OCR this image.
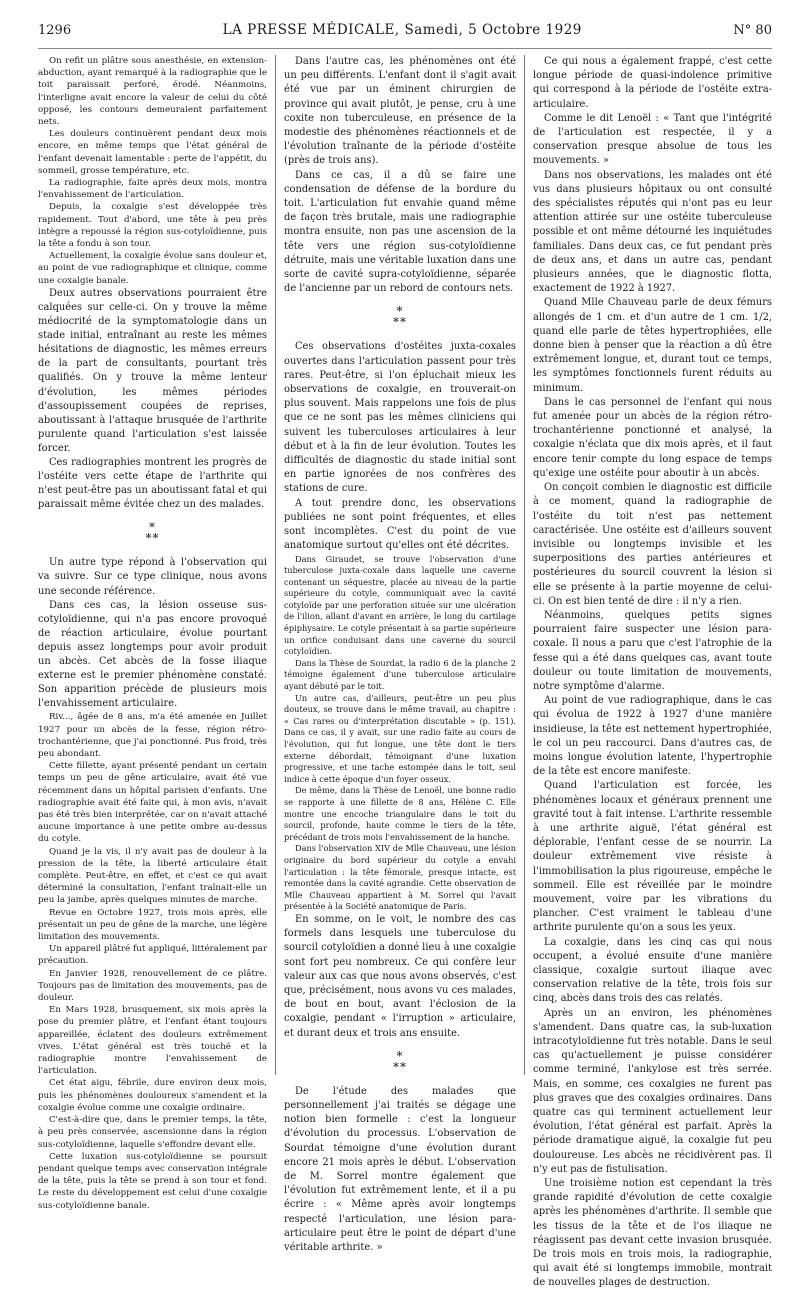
1296	LA PRESSE MÉDICALE, Samedi, 5 Octobre 1929	N° 80

On refit un plâtre sous anesthésie, en extension-abduction, ayant remarqué à la radiographie que le toit paraissait perforé, érodé. Néanmoins, l'interligne avait encore la valeur de celui du côté opposé, les contours demeuraient parfaitement nets.

Les douleurs continuèrent pendant deux mois encore, en même temps que l'état général de l'enfant devenait lamentable : perte de l'appétit, du sommeil, grosse température, etc.

La radiographie, faite après deux mois, montra l'envahissement de l'articulation.

Depuis, la coxalgie s'est développée très rapidement. Tout d'abord, une tête à peu près intègre a repoussé la région sus-cotyloïdienne, puis la tête a fondu à son tour.

Actuellement, la coxalgie évolue sans douleur et, au point de vue radiographique et clinique, comme une coxalgie banale.

Deux autres observations pourraient être calquées sur celle-ci. On y trouve la même médiocrité de la symptomatologie dans un stade initial, entraînant au reste les mêmes hésitations de diagnostic, les mêmes erreurs de la part de consultants, pourtant très qualifiés. On y trouve la même lenteur d'évolution, les mêmes périodes d'assoupissement coupées de reprises, aboutissant à l'attaque brusquée de l'arthrite purulente quand l'articulation s'est laissée forcer.

Ces radiographies montrent les progrès de l'ostéite vers cette étape de l'arthrite qui n'est peut-être pas un aboutissant fatal et qui paraissait même évitée chez un des malades.

*
**

Un autre type répond à l'observation qui va suivre. Sur ce type clinique, nous avons une seconde référence.

Dans ces cas, la lésion osseuse sus-cotyloïdienne, qui n'a pas encore provoqué de réaction articulaire, évolue pourtant depuis assez longtemps pour avoir produit un abcès. Cet abcès de la fosse iliaque externe est le premier phénomène constaté. Son apparition précède de plusieurs mois l'envahissement articulaire.

Riv..., âgée de 8 ans, m'a été amenée en Juillet 1927 pour un abcès de la fesse, région rétro-trochantérienne, que j'ai ponctionné. Pus froid, très peu abondant.

Cette fillette, ayant présenté pendant un certain temps un peu de gêne articulaire, avait été vue récemment dans un hôpital parisien d'enfants. Une radiographie avait été faite qui, à mon avis, n'avait pas été très bien interprétée, car on n'avait attaché aucune importance à une petite ombre au-dessus du cotyle.

Quand je la vis, il n'y avait pas de douleur à la pression de la tête, la liberté articulaire était complète. Peut-être, en effet, et c'est ce qui avait déterminé la consultation, l'enfant traînait-elle un peu la jambe, après quelques minutes de marche.

Revue en Octobre 1927, trois mois après, elle présentait un peu de gêne de la marche, une légère limitation des mouvements.

Un appareil plâtré fut appliqué, littéralement par précaution.

En Janvier 1928, renouvellement de ce plâtre. Toujours pas de limitation des mouvements, pas de douleur.

En Mars 1928, brusquement, six mois après la pose du premier plâtre, et l'enfant étant toujours appareillée, éclatent des douleurs extrêmement vives. L'état général est très touché et la radiographie montre l'envahissement de l'articulation.

Cet état aigu, fébrile, dure environ deux mois, puis les phénomènes douloureux s'amendent et la coxalgie évolue comme une coxalgie ordinaire.

C'est-à-dire que, dans le premier temps, la tête, à peu près conservée, ascensionne dans la région sus-cotyloïdienne, laquelle s'effondre devant elle.

Cette luxation sus-cotyloïdienne se poursuit pendant quelque temps avec conservation intégrale de la tête, puis la tête se prend à son tour et fond. Le reste du développement est celui d'une coxalgie sus-cotyloïdienne banale.

Dans l'autre cas, les phénomènes ont été un peu différents. L'enfant dont il s'agit avait été vue par un éminent chirurgien de province qui avait plutôt, je pense, cru à une coxite non tuberculeuse, en présence de la modestie des phénomènes réactionnels et de l'évolution traînante de la période d'ostéite (près de trois ans).

Dans ce cas, il a dû se faire une condensation de défense de la bordure du toit. L'articulation fut envahie quand même de façon très brutale, mais une radiographie montra ensuite, non pas une ascension de la tête vers une région sus-cotyloïdienne détruite, mais une véritable luxation dans une sorte de cavité supra-cotyloïdienne, séparée de l'ancienne par un rebord de contours nets.

*
**

Ces observations d'ostéites juxta-coxales ouvertes dans l'articulation passent pour très rares. Peut-être, si l'on épluchait mieux les observations de coxalgie, en trouverait-on plus souvent. Mais rappelons une fois de plus que ce ne sont pas les mêmes cliniciens qui suivent les tuberculoses articulaires à leur début et à la fin de leur évolution. Toutes les difficultés de diagnostic du stade initial sont en partie ignorées de nos confrères des stations de cure.

A tout prendre donc, les observations publiées ne sont point fréquentes, et elles sont incomplètes. C'est du point de vue anatomique surtout qu'elles ont été décrites.

Dans Giraudet, se trouve l'observation d'une tuberculose juxta-coxale dans laquelle une caverne contenant un séquestre, placée au niveau de la partie supérieure du cotyle, communiquait avec la cavité cotyloïde par une perforation située sur une ulcération de l'ilion, allant d'avant en arrière, le long du cartilage épiphysaire. Le cotyle présentait à sa partie supérieure un orifice conduisant dans une caverne du sourcil cotyloïdien.

Dans la Thèse de Sourdat, la radio 6 de la planche 2 témoigne également d'une tuberculose articulaire ayant débuté par le toit.

Un autre cas, d'ailleurs, peut-être un peu plus douteux, se trouve dans le même travail, au chapitre : « Cas rares ou d'interprétation discutable » (p. 151). Dans ce cas, il y avait, sur une radio faite au cours de l'évolution, qui fut longue, une tête dont le tiers externe débordait, témoignant d'une luxation progressive, et une tache estompée dans le toit, seul indice à cette époque d'un foyer osseux.

De même, dans la Thèse de Lenoël, une bonne radio se rapporte à une fillette de 8 ans, Hélène C. Elle montre une encoche triangulaire dans le toit du sourcil, profonde, haute comme le tiers de la tête, précédant de trois mois l'envahissement de la hanche.

Dans l'observation XIV de Mlle Chauveau, une lésion originaire du bord supérieur du cotyle a envahi l'articulation : la tête fémorale, presque intacte, est remontée dans la cavité agrandie. Cette observation de Mlle Chauveau appartient à M. Sorrel qui l'avait présentée à la Société anatomique de Paris.

En somme, on le voit, le nombre des cas formels dans lesquels une tuberculose du sourcil cotyloïdien a donné lieu à une coxalgie sont fort peu nombreux. Ce qui confère leur valeur aux cas que nous avons observés, c'est que, précisément, nous avons vu ces malades, de bout en bout, avant l'éclosion de la coxalgie, pendant « l'irruption » articulaire, et durant deux et trois ans ensuite.

*
**

De l'étude des malades que personnellement j'ai traités se dégage une notion bien formelle : c'est la longueur d'évolution du processus. L'observation de Sourdat témoigne d'une évolution durant encore 21 mois après le début. L'observation de M. Sorrel montre également que l'évolution fut extrêmement lente, et il a pu écrire : « Même après avoir longtemps respecté l'articulation, une lésion para-articulaire peut être le point de départ d'une véritable arthrite. »

Ce qui nous a également frappé, c'est cette longue période de quasi-indolence primitive qui correspond à la période de l'ostéite extra-articulaire.

Comme le dit Lenoël : « Tant que l'intégrité de l'articulation est respectée, il y a conservation presque absolue de tous les mouvements. »

Dans nos observations, les malades ont été vus dans plusieurs hôpitaux ou ont consulté des spécialistes réputés qui n'ont pas eu leur attention attirée sur une ostéite tuberculeuse possible et ont même détourné les inquiétudes familiales. Dans deux cas, ce fut pendant près de deux ans, et dans un autre cas, pendant plusieurs années, que le diagnostic flotta, exactement de 1922 à 1927.

Quand Mlle Chauveau parle de deux fémurs allongés de 1 cm. et d'un autre de 1 cm. 1/2, quand elle parle de têtes hypertrophiées, elle donne bien à penser que la réaction a dû être extrêmement longue, et, durant tout ce temps, les symptômes fonctionnels furent réduits au minimum.

Dans le cas personnel de l'enfant qui nous fut amenée pour un abcès de la région rétro-trochantérienne ponctionné et analysé, la coxalgie n'éclata que dix mois après, et il faut encore tenir compte du long espace de temps qu'exige une ostéite pour aboutir à un abcès.

On conçoit combien le diagnostic est difficile à ce moment, quand la radiographie de l'ostéite du toit n'est pas nettement caractérisée. Une ostéite est d'ailleurs souvent invisible ou longtemps invisible et les superpositions des parties antérieures et postérieures du sourcil couvrent la lésion si elle se présente à la partie moyenne de celui-ci. On est bien tenté de dire : il n'y a rien.

Néanmoins, quelques petits signes pourraient faire suspecter une lésion para-coxale. Il nous a paru que c'est l'atrophie de la fesse qui a été dans quelques cas, avant toute douleur ou toute limitation de mouvements, notre symptôme d'alarme.

Au point de vue radiographique, dans le cas qui évolua de 1922 à 1927 d'une manière insidieuse, la tête est nettement hypertrophiée, le col un peu raccourci. Dans d'autres cas, de moins longue évolution latente, l'hypertrophie de la tête est encore manifeste.

Quand l'articulation est forcée, les phénomènes locaux et généraux prennent une gravité tout à fait intense. L'arthrite ressemble à une arthrite aiguë, l'état général est déplorable, l'enfant cesse de se nourrir. La douleur extrêmement vive résiste à l'immobilisation la plus rigoureuse, empêche le sommeil. Elle est réveillée par le moindre mouvement, voire par les vibrations du plancher. C'est vraiment le tableau d'une arthrite purulente qu'on a sous les yeux.

La coxalgie, dans les cinq cas qui nous occupent, a évolué ensuite d'une manière classique, coxalgie surtout iliaque avec conservation relative de la tête, trois fois sur cinq, abcès dans trois des cas relatés.

Après un an environ, les phénomènes s'amendent. Dans quatre cas, la sub-luxation intracotyloïdienne fut très notable. Dans le seul cas qu'actuellement je puisse considérer comme terminé, l'ankylose est très serrée. Mais, en somme, ces coxalgies ne furent pas plus graves que des coxalgies ordinaires. Dans quatre cas qui terminent actuellement leur évolution, l'état général est parfait. Après la période dramatique aiguë, la coxalgie fut peu douloureuse. Les abcès ne récidivèrent pas. Il n'y eut pas de fistulisation.

Une troisième notion est cependant la très grande rapidité d'évolution de cette coxalgie après les phénomènes d'arthrite. Il semble que les tissus de la tête et de l'os iliaque ne réagissent pas devant cette invasion brusquée. De trois mois en trois mois, la radiographie, qui avait été si longtemps immobile, montrait de nouvelles plages de destruction.
